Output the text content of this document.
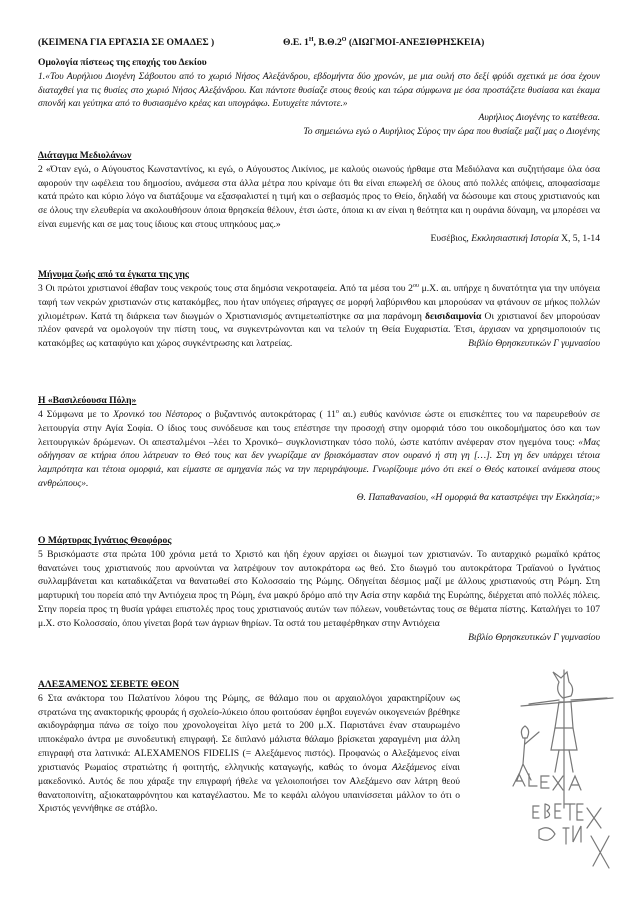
(ΚΕΙΜΕΝΑ ΓΙΑ ΕΡΓΑΣΙΑ ΣΕ ΟΜΑΔΕΣ )	Θ.Ε. $1^H$, $B.\Theta.2^O$ (ΔΙΩΓΜΟΙ-ΑΝΕΞΙΘΡΗΣΚΕΙΑ)
Ομολογία πίστεως της εποχής του Δεκίου

1.«Του Αυρήλιου Διογένη Σάβουτου από το χωριό Νήσος Αλεξάνδρου, εβδομήντα δύο χρονών, με μια ουλή στο δεξί φρύδι σχετικά με όσα έχουν διαταχθεί για τις θυσίες στο χωριό Νήσος Αλεξάνδρου. Και πάντοτε θυσίαζε στους θεούς και τώρα σύμφωνα με όσα προστάζετε θυσίασα και έκαμα σπονδή και γεύτηκα από το θυσιασμένο κρέας και υπογράφω. Ευτυχείτε πάντοτε.»

Αυρήλιος Διογένης το κατέθεσα.

Το σημειώνω εγώ ο Αυρήλιος Σύρος την ώρα που θυσίαζε μαζί μας ο Διογένης

Διάταγμα Μεδιολάνων

2 «Όταν εγώ, ο Αύγουστος Κωνσταντίνος, κι εγώ, ο Αύγουστος Λικίνιος, με καλούς οιωνούς ήρθαμε στα Μεδιόλανα και συζητήσαμε όλα όσα αφορούν την ωφέλεια του δημοσίου, ανάμεσα στα άλλα μέτρα που κρίναμε ότι θα είναι επωφελή σε όλους από πολλές απόψεις, αποφασίσαμε κατά πρώτο και κύριο λόγο να διατάξουμε να εξασφαλιστεί η τιμή και ο σεβασμός προς το Θείο, δηλαδή να δώσουμε και στους χριστιανούς και σε όλους την ελευθερία να ακολουθήσουν όποια θρησκεία θέλουν, έτσι ώστε, όποια κι αν είναι η θεότητα και η ουράνια δύναμη, να μπορέσει να είναι ευμενής και σε μας τους ίδιους και στους υπηκόους μας.»

Ευσέβιος, Εκκλησιαστική Ιστορία Χ, 5, 1-14

Μήνυμα ζωής από τα έγκατα της γης

3 Οι πρώτοι χριστιανοί έθαβαν τους νεκρούς τους στα δημόσια νεκροταφεία. Από τα μέσα του $2^{o\upsilon}$ μ.Χ. αι. υπήρχε η δυνατότητα για την υπόγεια ταφή των νεκρών χριστιανών στις κατακόμβες, που ήταν υπόγειες σήραγγες σε μορφή λαβύρινθου και μπορούσαν να φτάνουν σε μήκος πολλών χιλιομέτρων. Κατά τη διάρκεια των διωγμών ο Χριστιανισμός αντιμετωπίστηκε σα μια παράνομη δεισιδαιμονία Οι χριστιανοί δεν μπορούσαν πλέον φανερά να ομολογούν την πίστη τους, να συγκεντρώνονται και να τελούν τη Θεία Ευχαριστία. Έτσι, άρχισαν να χρησιμοποιούν τις κατακόμβες ως καταφύγιο και χώρος συγκέντρωσης και λατρείας.	Βιβλίο Θρησκευτικών Γ γυμνασίου

Η «Βασιλεύουσα Πόλη»

4 Σύμφωνα με το Χρονικό του Νέστορος ο βυζαντινός αυτοκράτορας ( $11^o$ αι.) ευθύς κανόνισε ώστε οι επισκέπτες του να παρευρεθούν σε λειτουργία στην Αγία Σοφία. Ο ίδιος τους συνόδευσε και τους επέστησε την προσοχή στην ομορφιά τόσο του οικοδομήματος όσο και των λειτουργικών δρώμενων. Οι απεσταλμένοι –λέει το Χρονικό– συγκλονιστηκαν τόσο πολύ, ώστε κατόπιν ανέφεραν στον ηγεμόνα τους: «Μας οδήγησαν σε κτήρια όπου λάτρευαν το Θεό τους και δεν γνωρίζαμε αν βρισκόμασταν στον ουρανό ή στη γη […]. Στη γη δεν υπάρχει τέτοια λαμπρότητα και τέτοια ομορφιά, και είμαστε σε αμηχανία πώς να την περιγράψουμε. Γνωρίζουμε μόνο ότι εκεί ο Θεός κατοικεί ανάμεσα στους ανθρώπους».

Θ. Παπαθανασίου, «Η ομορφιά θα καταστρέψει την Εκκλησία;»

Ο Μάρτυρας Ιγνάτιος Θεοφόρος

5 Βρισκόμαστε στα πρώτα 100 χρόνια μετά το Χριστό και ήδη έχουν αρχίσει οι διωγμοί των χριστιανών. Το αυταρχικό ρωμαϊκό κράτος θανατώνει τους χριστιανούς που αρνούνται να λατρέψουν τον αυτοκράτορα ως θεό. Στο διωγμό του αυτοκράτορα Τραϊανού ο Ιγνάτιος συλλαμβάνεται και καταδικάζεται να θανατωθεί στο Κολοσσαίο της Ρώμης. Οδηγείται δέσμιος μαζί με άλλους χριστιανούς στη Ρώμη. Στη μαρτυρική του πορεία από την Αντιόχεια προς τη Ρώμη, ένα μακρύ δρόμο από την Ασία στην καρδιά της Ευρώπης, διέρχεται από πολλές πόλεις. Στην πορεία προς τη θυσία γράφει επιστολές προς τους χριστιανούς αυτών των πόλεων, νουθετώντας τους σε θέματα πίστης. Καταλήγει το 107 μ.Χ. στο Κολοσσαίο, όπου γίνεται βορά των άγριων θηρίων. Τα οστά του μεταφέρθηκαν στην Αντιόχεια

Βιβλίο Θρησκευτικών Γ γυμνασίου

ΑΛΕΞΑΜΕΝΟΣ ΣΕΒΕΤΕ ΘΕΟΝ

6 Στα ανάκτορα του Παλατίνου λόφου της Ρώμης, σε θάλαμο που οι αρχαιολόγοι χαρακτηρίζουν ως στρατώνα της ανακτορικής φρουράς ή σχολείο-λύκειο όπου φοιτούσαν έφηβοι ευγενών οικογενειών βρέθηκε ακιδογράφημα πάνω σε τοίχο που χρονολογείται λίγο μετά το 200 μ.Χ. Παριστάνει έναν σταυρωμένο ιπποκέφαλο άντρα με συνοδευτική επιγραφή. Σε διπλανό μάλιστα θάλαμο βρίσκεται χαραγμένη μια άλλη επιγραφή στα λατινικά: ALEXAMENOS FIDELIS (= Αλεξάμενος πιστός). Προφανώς ο Αλεξάμενος είναι χριστιανός Ρωμαίος στρατιώτης ή φοιτητής, ελληνικής καταγωγής, καθώς το όνομα Αλεξάμενος είναι μακεδονικό. Αυτός δε που χάραξε την επιγραφή ήθελε να γελοιοποιήσει τον Αλεξάμενο σαν λάτρη θεού θανατοποινίτη, αξιοκαταφρόνητου και καταγέλαστου. Με το κεφάλι αλόγου υπαινίσσεται μάλλον το ότι ο Χριστός γεννήθηκε σε στάβλο.
